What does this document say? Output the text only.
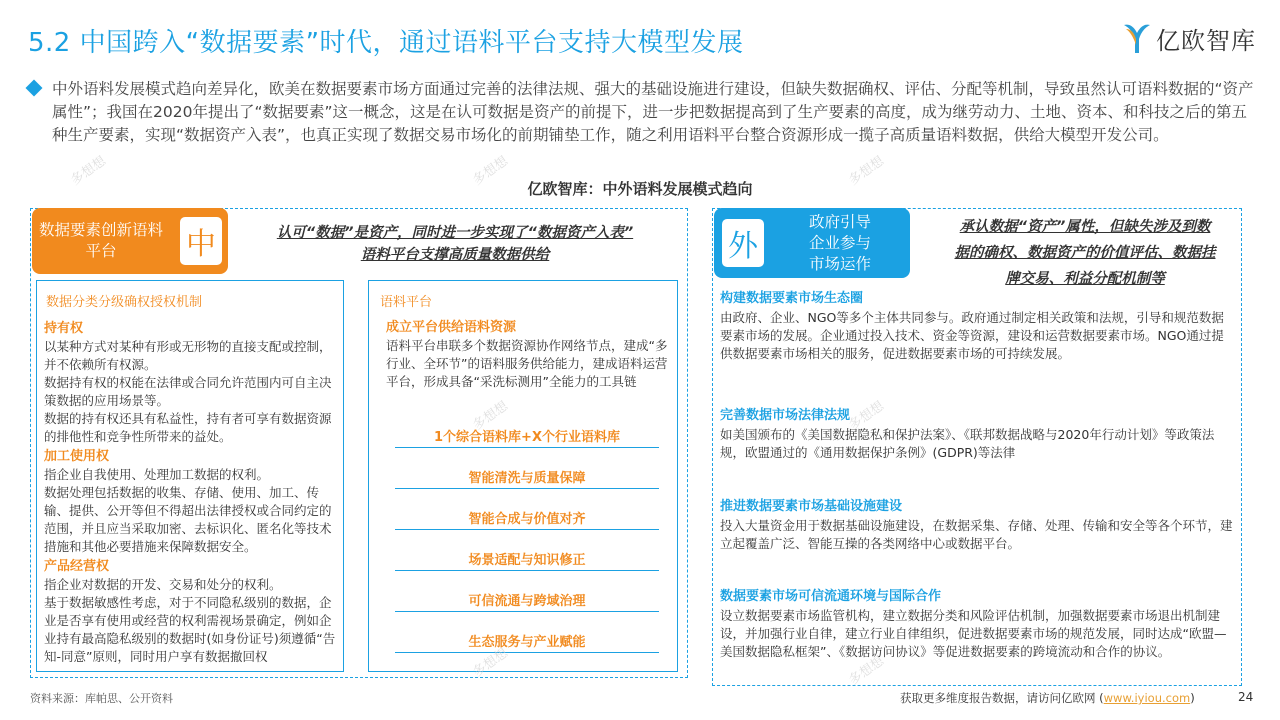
5.2 中国跨入“数据要素”时代，通过语料平台支持大模型发展	亿欧智库
中外语料发展模式趋向差异化，欧美在数据要素市场方面通过完善的法律法规、强大的基础设施进行建设，但缺失数据确权、评估、分配等机制，导致虽然认可语料数据的“资产属性”；我国在2020年提出了“数据要素”这一概念，这是在认可数据是资产的前提下，进一步把数据提高到了生产要素的高度，成为继劳动力、土地、资本、和科技之后的第五种生产要素，实现“数据资产入表”，也真正实现了数据交易市场化的前期铺垫工作，随之利用语料平台整合资源形成一揽子高质量语料数据，供给大模型开发公司。
亿欧智库：中外语料发展模式趋向
数据要素创新语料平台	中	外
政府引导
企业参与
市场运作
认可“数据”是资产，同时进一步实现了“数据资产入表”
语料平台支撑高质量数据供给
承认数据“资产”属性，但缺失涉及到数
据的确权、数据资产的价值评估、数据挂
牌交易、利益分配机制等
数据分类分级确权授权机制
持有权
以某种方式对某种有形或无形物的直接支配或控制，并不依赖所有权源。
数据持有权的权能在法律或合同允许范围内可自主决策数据的应用场景等。
数据的持有权还具有私益性，持有者可享有数据资源的排他性和竞争性所带来的益处。
加工使用权
指企业自我使用、处理加工数据的权利。
数据处理包括数据的收集、存储、使用、加工、传输、提供、公开等但不得超出法律授权或合同约定的范围，并且应当采取加密、去标识化、匿名化等技术措施和其他必要措施来保障数据安全。
产品经营权
指企业对数据的开发、交易和处分的权利。
基于数据敏感性考虑，对于不同隐私级别的数据，企业是否享有使用或经营的权利需视场景确定，例如企业持有最高隐私级别的数据时(如身份证号)须遵循“告知-同意”原则，同时用户享有数据撤回权
语料平台
成立平台供给语料资源
语料平台串联多个数据资源协作网络节点，建成“多行业、全环节”的语料服务供给能力，建成语料运营平台，形成具备“采洗标测用”全能力的工具链
1个综合语料库+X个行业语料库
智能清洗与质量保障
智能合成与价值对齐
场景适配与知识修正
可信流通与跨域治理
生态服务与产业赋能
构建数据要素市场生态圈
由政府、企业、NGO等多个主体共同参与。政府通过制定相关政策和法规，引导和规范数据要素市场的发展。企业通过投入技术、资金等资源，建设和运营数据要素市场。NGO通过提供数据要素市场相关的服务，促进数据要素市场的可持续发展。
完善数据市场法律法规
如美国颁布的《美国数据隐私和保护法案》、《联邦数据战略与2020年行动计划》等政策法规，欧盟通过的《通用数据保护条例》(GDPR)等法律
推进数据要素市场基础设施建设
投入大量资金用于数据基础设施建设，在数据采集、存储、处理、传输和安全等各个环节，建立起覆盖广泛、智能互操的各类网络中心或数据平台。
数据要素市场可信流通环境与国际合作
设立数据要素市场监管机构，建立数据分类和风险评估机制，加强数据要素市场退出机制建设，并加强行业自律，建立行业自律组织，促进数据要素市场的规范发展，同时达成“欧盟—美国数据隐私框架”、《数据访问协议》等促进数据要素的跨境流动和合作的协议。
多想想	多想想
多想想
多想想	多想想
多想想	多想想
资料来源：库帕思、公开资料	获取更多维度报告数据，请访问亿欧网 (www.iyiou.com)	24
